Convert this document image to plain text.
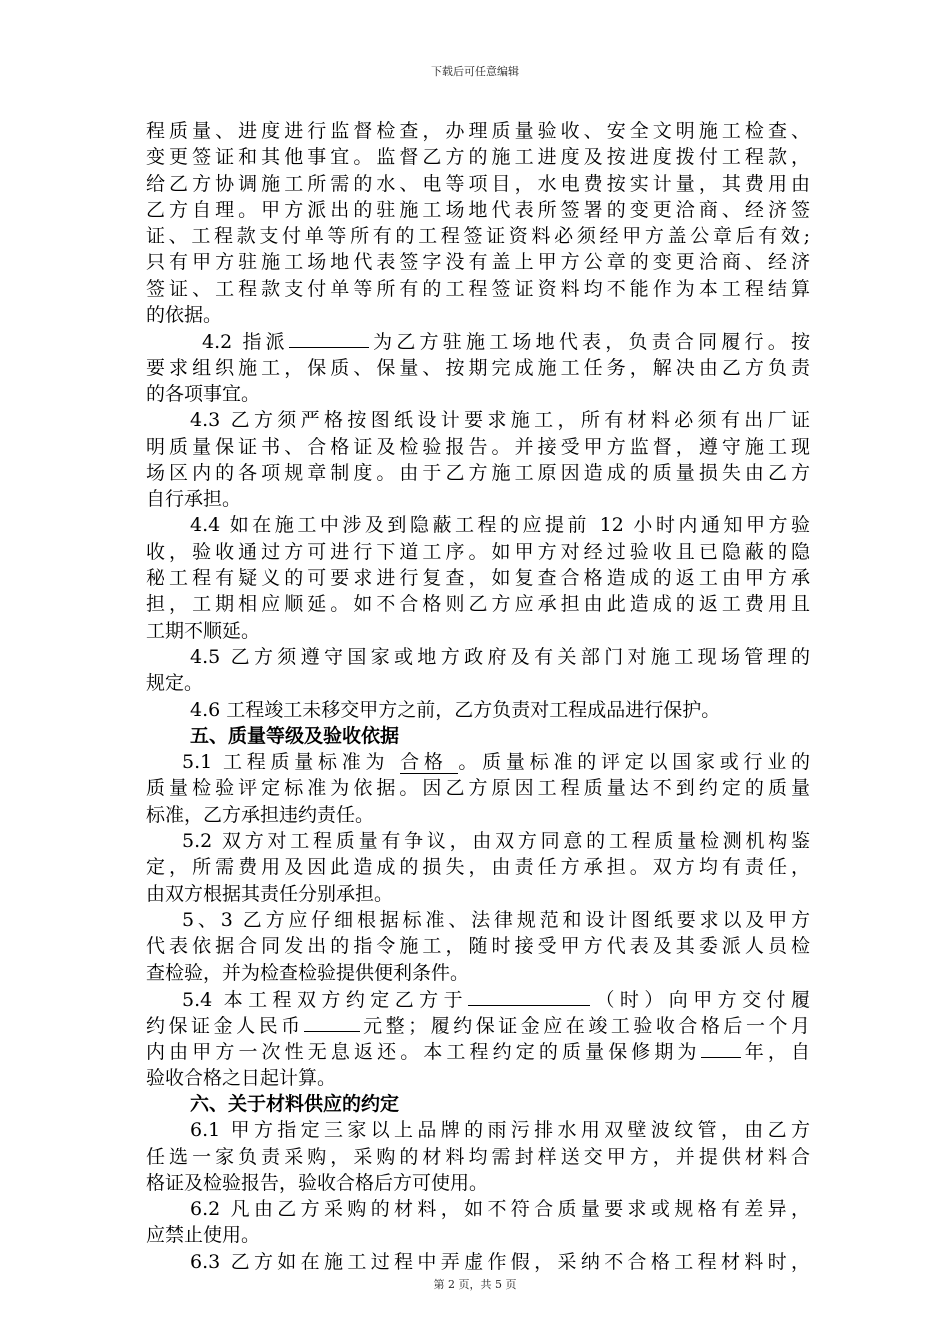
下载后可任意编辑
程质量、进度进行监督检查，办理质量验收、安全文明施工检查、
变更签证和其他事宜。监督乙方的施工进度及按进度拨付工程款，
给乙方协调施工所需的水、电等项目，水电费按实计量，其费用由
乙方自理。甲方派出的驻施工场地代表所签署的变更洽商、经济签
证、工程款支付单等所有的工程签证资料必须经甲方盖公章后有效;
只有甲方驻施工场地代表签字没有盖上甲方公章的变更洽商、经济
签证、工程款支付单等所有的工程签证资料均不能作为本工程结算
的依据。
4.2 指派	为乙方驻施工场地代表，负责合同履行。按
要求组织施工，保质、保量、按期完成施工任务，解决由乙方负责
的各项事宜。
4.3 乙方须严格按图纸设计要求施工，所有材料必须有出厂证
明质量保证书、合格证及检验报告。并接受甲方监督，遵守施工现
场区内的各项规章制度。由于乙方施工原因造成的质量损失由乙方
自行承担。
4.4 如在施工中涉及到隐蔽工程的应提前 12 小时内通知甲方验
收，验收通过方可进行下道工序。如甲方对经过验收且已隐蔽的隐
秘工程有疑义的可要求进行复查，如复查合格造成的返工由甲方承
担，工期相应顺延。如不合格则乙方应承担由此造成的返工费用且
工期不顺延。
4.5 乙方须遵守国家或地方政府及有关部门对施工现场管理的
规定。
4.6 工程竣工未移交甲方之前，乙方负责对工程成品进行保护。
五、质量等级及验收依据
5.1 工程质量标准为 合格 。质量标准的评定以国家或行业的
质量检验评定标准为依据。因乙方原因工程质量达不到约定的质量
标准，乙方承担违约责任。
5.2 双方对工程质量有争议，由双方同意的工程质量检测机构鉴
定，所需费用及因此造成的损失，由责任方承担。双方均有责任，
由双方根据其责任分别承担。
5、3 乙方应仔细根据标准、法律规范和设计图纸要求以及甲方
代表依据合同发出的指令施工，随时接受甲方代表及其委派人员检
查检验，并为检查检验提供便利条件。
5.4 本工程双方约定乙方于	（时）向甲方交付履
约保证金人民币	元整；履约保证金应在竣工验收合格后一个月
内由甲方一次性无息返还。本工程约定的质量保修期为 年，自
验收合格之日起计算。
六、关于材料供应的约定
6.1 甲方指定三家以上品牌的雨污排水用双壁波纹管，由乙方
任选一家负责采购，采购的材料均需封样送交甲方，并提供材料合
格证及检验报告，验收合格后方可使用。
6.2 凡由乙方采购的材料，如不符合质量要求或规格有差异，
应禁止使用。
6.3 乙方如在施工过程中弄虚作假，采纳不合格工程材料时，
第 2 页，共 5 页
